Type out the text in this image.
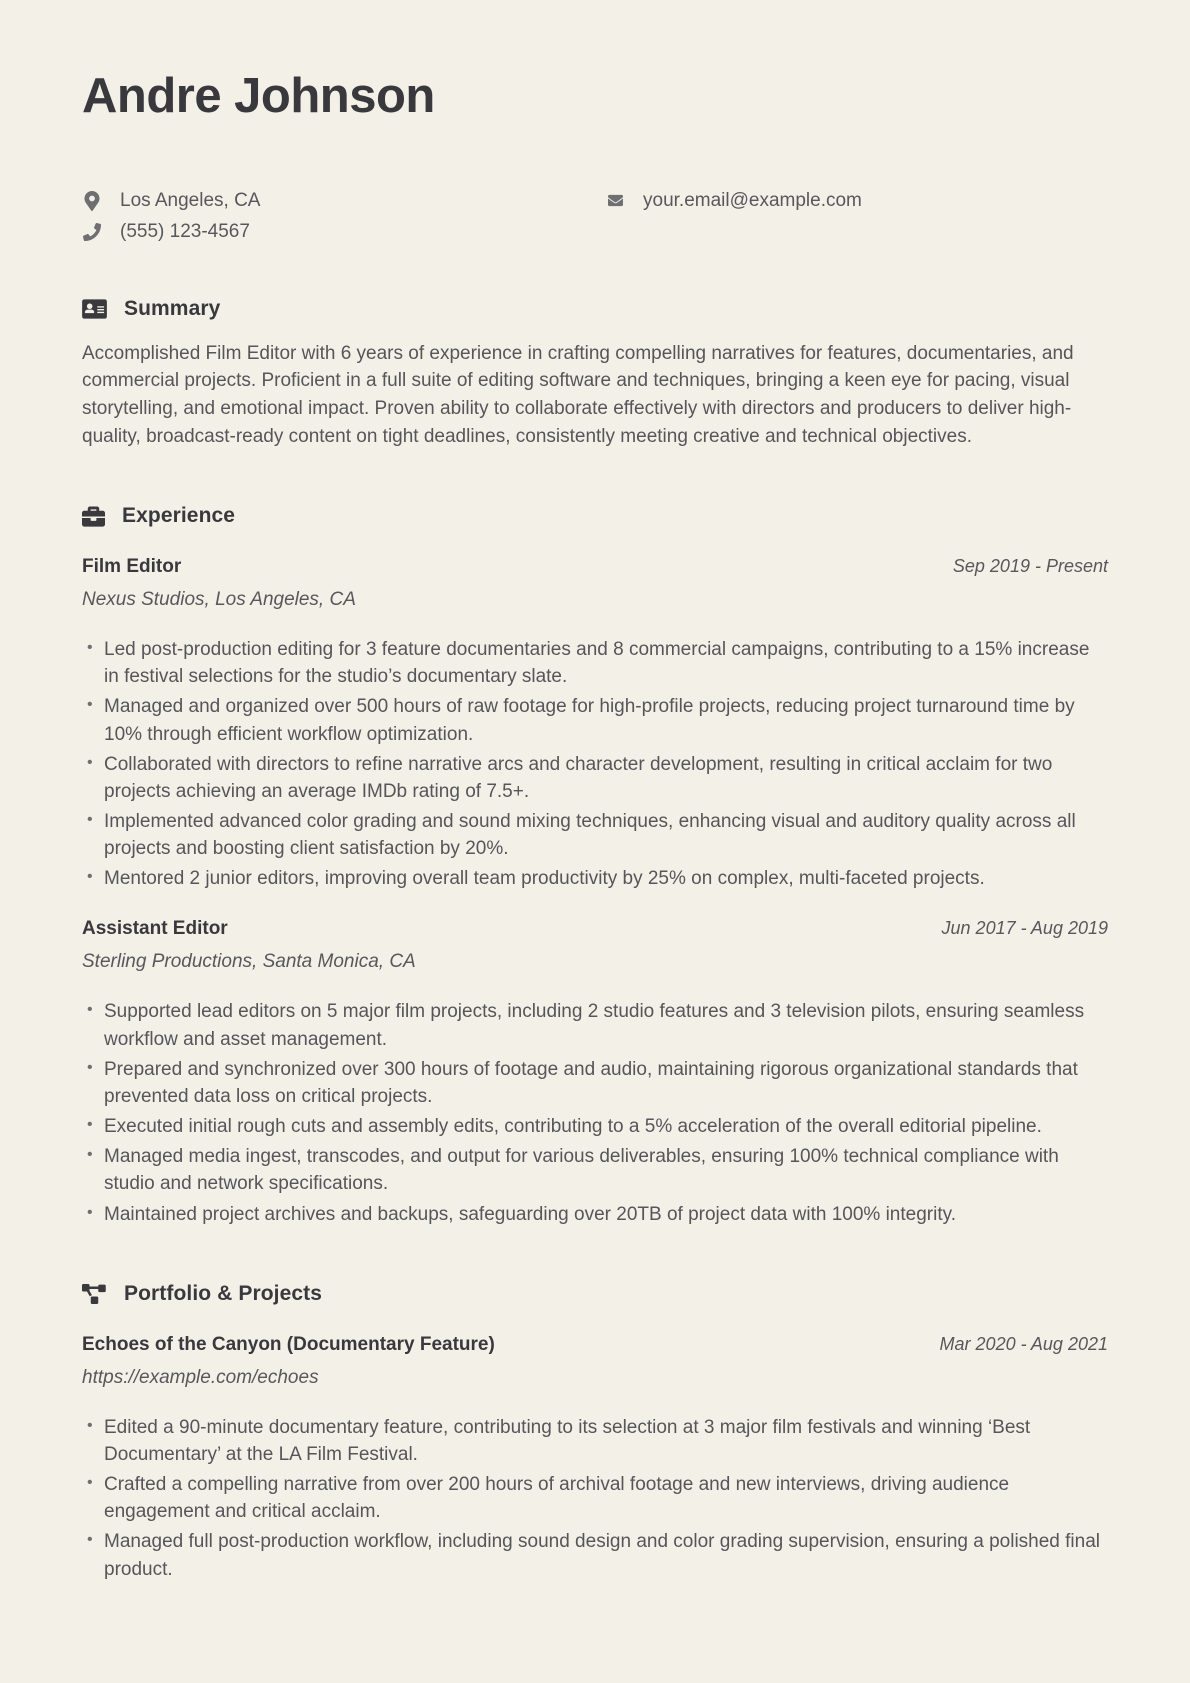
Andre Johnson
Los Angeles, CA
(555) 123-4567
your.email@example.com
Summary

Accomplished Film Editor with 6 years of experience in crafting compelling narratives for features, documentaries, and commercial projects. Proficient in a full suite of editing software and techniques, bringing a keen eye for pacing, visual storytelling, and emotional impact. Proven ability to collaborate effectively with directors and producers to deliver high-quality, broadcast-ready content on tight deadlines, consistently meeting creative and technical objectives.

Experience
Film Editor	Sep 2019 - Present
Nexus Studios, Los Angeles, CA
• Led post-production editing for 3 feature documentaries and 8 commercial campaigns, contributing to a 15% increase in festival selections for the studio’s documentary slate.
• Managed and organized over 500 hours of raw footage for high-profile projects, reducing project turnaround time by 10% through efficient workflow optimization.
• Collaborated with directors to refine narrative arcs and character development, resulting in critical acclaim for two projects achieving an average IMDb rating of 7.5+.
• Implemented advanced color grading and sound mixing techniques, enhancing visual and auditory quality across all projects and boosting client satisfaction by 20%.
• Mentored 2 junior editors, improving overall team productivity by 25% on complex, multi-faceted projects.
Assistant Editor	Jun 2017 - Aug 2019
Sterling Productions, Santa Monica, CA
• Supported lead editors on 5 major film projects, including 2 studio features and 3 television pilots, ensuring seamless workflow and asset management.
• Prepared and synchronized over 300 hours of footage and audio, maintaining rigorous organizational standards that prevented data loss on critical projects.
• Executed initial rough cuts and assembly edits, contributing to a 5% acceleration of the overall editorial pipeline.
• Managed media ingest, transcodes, and output for various deliverables, ensuring 100% technical compliance with studio and network specifications.
• Maintained project archives and backups, safeguarding over 20TB of project data with 100% integrity.
Portfolio & Projects
Echoes of the Canyon (Documentary Feature)	Mar 2020 - Aug 2021
https://example.com/echoes
• Edited a 90-minute documentary feature, contributing to its selection at 3 major film festivals and winning ‘Best Documentary’ at the LA Film Festival.
• Crafted a compelling narrative from over 200 hours of archival footage and new interviews, driving audience engagement and critical acclaim.
• Managed full post-production workflow, including sound design and color grading supervision, ensuring a polished final product.
